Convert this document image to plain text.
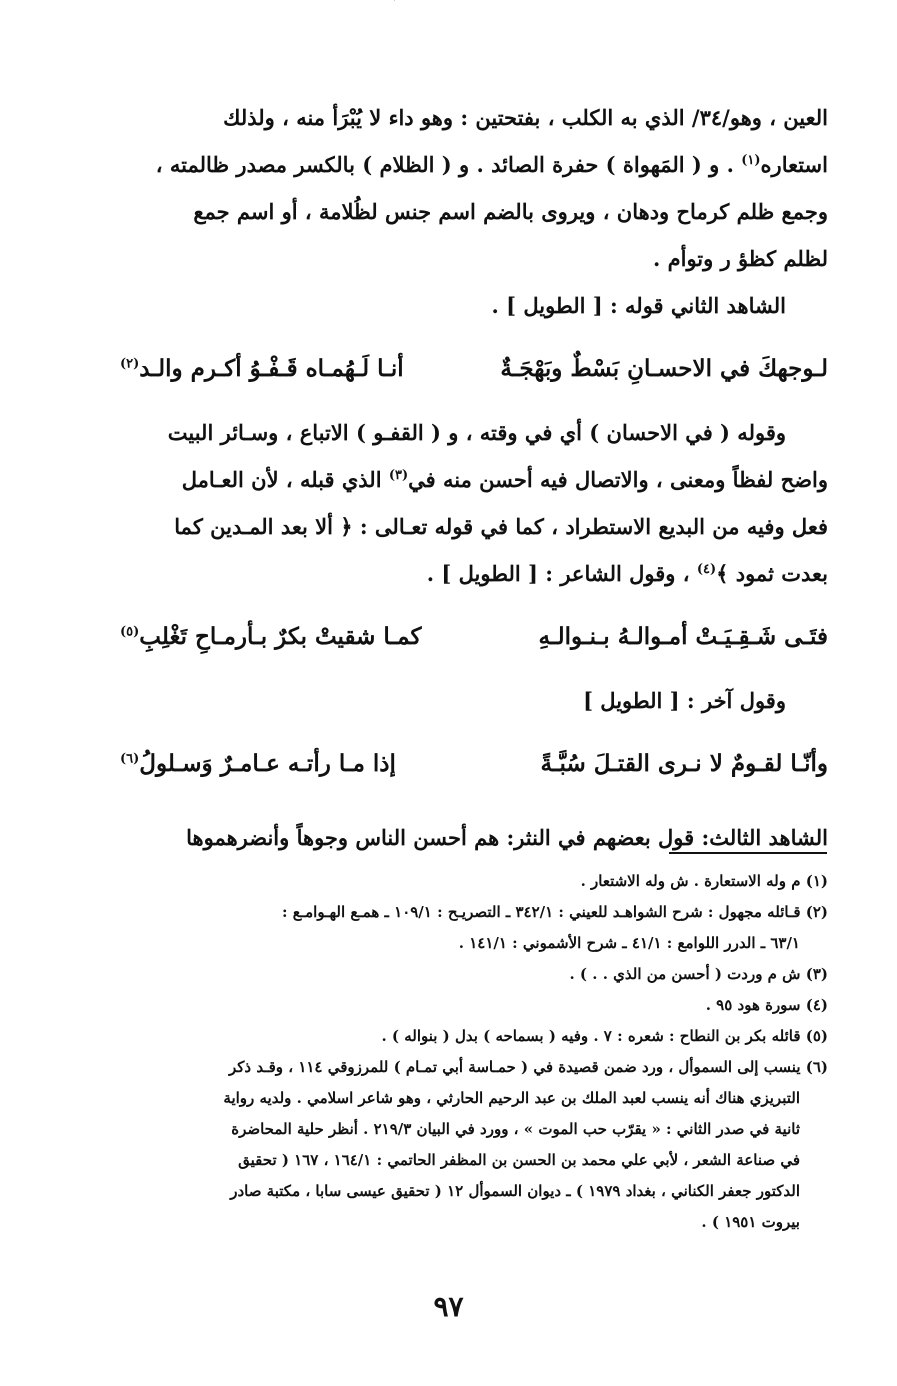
ˇ

العين ، وهو/٣٤/ الذي به الكلب ، بفتحتين : وهو داء لا يُبْرَأ منه ، ولذلك

استعاره$^{(١)}$ . و ( المَهواة ) حفرة الصائد . و ( الظلام ) بالكسر مصدر ظالمته ،

وجمع ظلم كرماح ودهان ، ويروى بالضم اسم جنس لظُلامة ، أو اسم جمع

لظلم كظؤ ر وتوأم .

الشاهد الثاني قوله : [ الطويل ] .

لـوجهكَ في الاحسـانِ بَسْطٌ وبَهْجَـةٌ
أنـا لَـهُمـاه قَـفْـوُ أكـرم والـد$^{(٢)}$

وقوله ( في الاحسان ) أي في وقته ، و ( القفـو ) الاتباع ، وسـائر البيت

واضح لفظاً ومعنى ، والاتصال فيه أحسن منه في$^{(٣)}$ الذي قبله ، لأن العـامل

فعل وفيه من البديع الاستطراد ، كما في قوله تعـالى : ﴿ ألا بعد المـدين كما

بعدت ثمود ﴾$^{(٤)}$ ، وقول الشاعر : [ الطويل ] .

فتَـى شَـقِـيَـتْ أمـوالـهُ بـنـوالـهِ
كمـا شقيتْ بكرٌ بـأرمـاحِ تَغْلِبِ$^{(٥)}$

وقول آخر : [ الطويل ]

وأنّـا لقـومٌ لا نـرى القتـلَ سُبَّـةً
إذا مـا رأتـه عـامـرٌ وَسـلولُ$^{(٦)}$

الشاهد الثالث: قول بعضهم في النثر: هم أحسن الناس وجوهاً وأنضرهموها

(١) م وله الاستعارة . ش وله الاشتعار .

(٢) قـائله مجهول : شرح الشواهـد للعيني : ٣٤٢/١ ـ التصريـح : ١٠٩/١ ـ همـع الهـوامـع :

٦٣/١ ـ الدرر اللوامع : ٤١/١ ـ شرح الأشموني : ١٤١/١ .

(٣) ش م وردت ( أحسن من الذي . . ) .

(٤) سورة هود ٩٥ .

(٥) قائله بكر بن النطاح : شعره : ٧ . وفيه ( بسماحه ) بدل ( بنواله ) .

(٦) ينسب إلى السموأل ، ورد ضمن قصيدة في ( حمـاسة أبي تمـام ) للمرزوقي ١١٤ ، وقـد ذكر

التبريزي هناك أنه ينسب لعبد الملك بن عبد الرحيم الحارثي ، وهو شاعر اسلامي . ولديه رواية

ثانية في صدر الثاني : « يقرّب حب الموت » ، وورد في البيان ٢١٩/٣ . أنظر حلية المحاضرة

في صناعة الشعر ، لأبي علي محمد بن الحسن بن المظفر الحاتمي : ١٦٤/١ ، ١٦٧ ( تحقيق

الدكتور جعفر الكناني ، بغداد ١٩٧٩ ) ـ ديوان السموأل ١٢ ( تحقيق عيسى سابا ، مكتبة صادر

بيروت ١٩٥١ ) .

٩٧
